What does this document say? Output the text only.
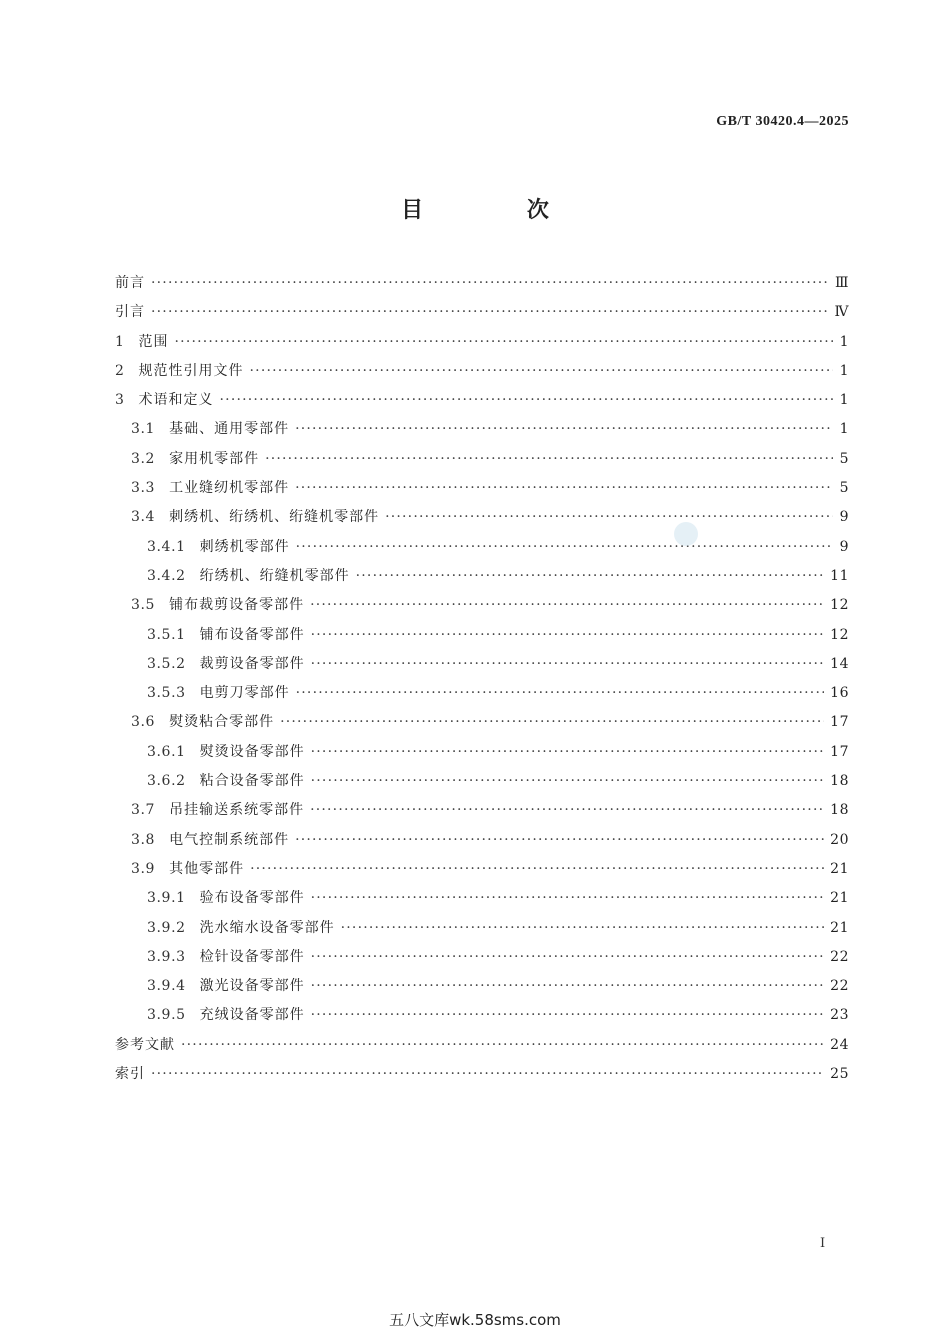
GB/T 30420.4—2025
目 次
前言 ·····	Ⅲ
引言 ·····	Ⅳ
1 范围 ·····	1
2 规范性引用文件 ·····	1
3 术语和定义 ·····	1
3.1 基础、通用零部件 ·····	1
3.2 家用机零部件 ·····	5
3.3 工业缝纫机零部件 ·····	5
3.4 刺绣机、绗绣机、绗缝机零部件 ·····	9
3.4.1 刺绣机零部件 ·····	9
3.4.2 绗绣机、绗缝机零部件 ·····	11
3.5 铺布裁剪设备零部件 ·····	12
3.5.1 铺布设备零部件 ·····	12
3.5.2 裁剪设备零部件 ·····	14
3.5.3 电剪刀零部件 ·····	16
3.6 熨烫粘合零部件 ·····	17
3.6.1 熨烫设备零部件 ·····	17
3.6.2 粘合设备零部件 ·····	18
3.7 吊挂输送系统零部件 ·····	18
3.8 电气控制系统部件 ·····	20
3.9 其他零部件 ·····	21
3.9.1 验布设备零部件 ·····	21
3.9.2 洗水缩水设备零部件 ·····	21
3.9.3 检针设备零部件 ·····	22
3.9.4 激光设备零部件 ·····	22
3.9.5 充绒设备零部件 ·····	23
参考文献 ·····	24
索引 ·····	25
Ⅰ
五八文库wk.58sms.com
